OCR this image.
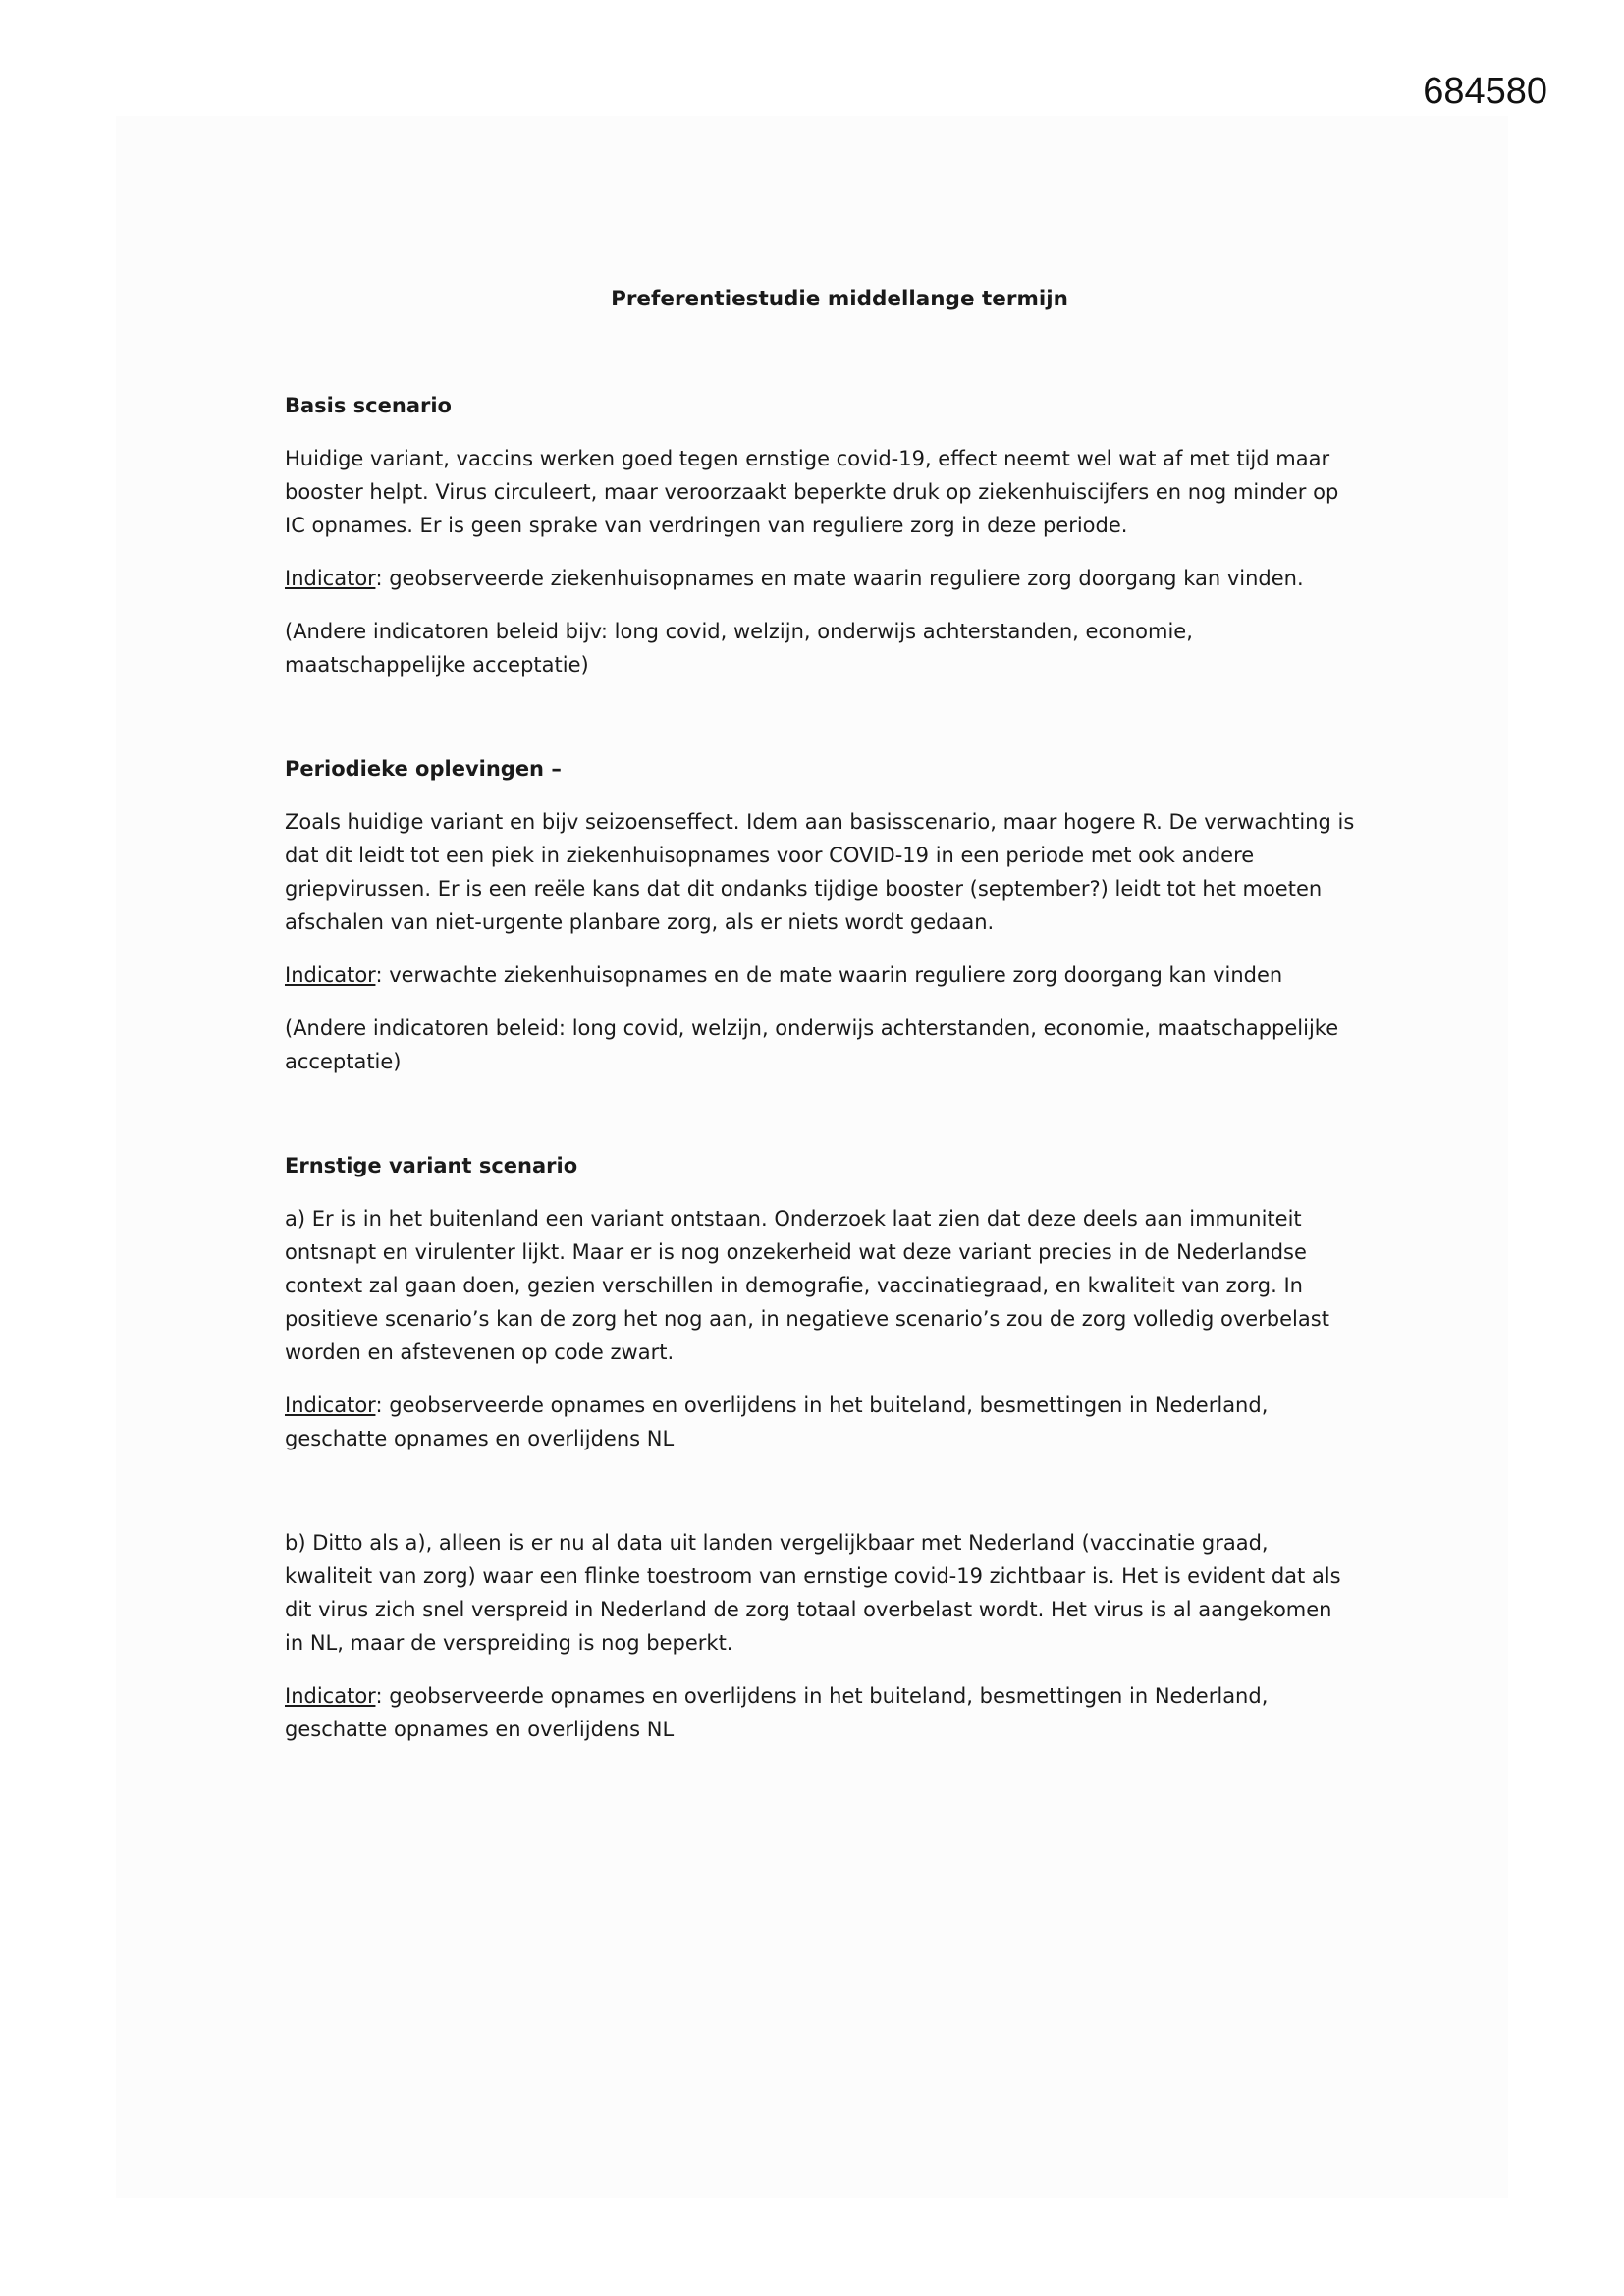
684580
Preferentiestudie middellange termijn
Basis scenario

Huidige variant, vaccins werken goed tegen ernstige covid-19, effect neemt wel wat af met tijd maar booster helpt. Virus circuleert, maar veroorzaakt beperkte druk op ziekenhuiscijfers en nog minder op IC opnames. Er is geen sprake van verdringen van reguliere zorg in deze periode.

Indicator: geobserveerde ziekenhuisopnames en mate waarin reguliere zorg doorgang kan vinden.

(Andere indicatoren beleid bijv: long covid, welzijn, onderwijs achterstanden, economie, maatschappelijke acceptatie)

Periodieke oplevingen –

Zoals huidige variant en bijv seizoenseffect. Idem aan basisscenario, maar hogere R. De verwachting is dat dit leidt tot een piek in ziekenhuisopnames voor COVID-19 in een periode met ook andere griepvirussen. Er is een reële kans dat dit ondanks tijdige booster (september?) leidt tot het moeten afschalen van niet-urgente planbare zorg, als er niets wordt gedaan.

Indicator: verwachte ziekenhuisopnames en de mate waarin reguliere zorg doorgang kan vinden

(Andere indicatoren beleid: long covid, welzijn, onderwijs achterstanden, economie, maatschappelijke acceptatie)

Ernstige variant scenario

a) Er is in het buitenland een variant ontstaan. Onderzoek laat zien dat deze deels aan immuniteit ontsnapt en virulenter lijkt. Maar er is nog onzekerheid wat deze variant precies in de Nederlandse context zal gaan doen, gezien verschillen in demografie, vaccinatiegraad, en kwaliteit van zorg. In positieve scenario’s kan de zorg het nog aan, in negatieve scenario’s zou de zorg volledig overbelast worden en afstevenen op code zwart.

Indicator: geobserveerde opnames en overlijdens in het buiteland, besmettingen in Nederland, geschatte opnames en overlijdens NL

b) Ditto als a), alleen is er nu al data uit landen vergelijkbaar met Nederland (vaccinatie graad, kwaliteit van zorg) waar een flinke toestroom van ernstige covid-19 zichtbaar is. Het is evident dat als dit virus zich snel verspreid in Nederland de zorg totaal overbelast wordt. Het virus is al aangekomen in NL, maar de verspreiding is nog beperkt.

Indicator: geobserveerde opnames en overlijdens in het buiteland, besmettingen in Nederland, geschatte opnames en overlijdens NL
